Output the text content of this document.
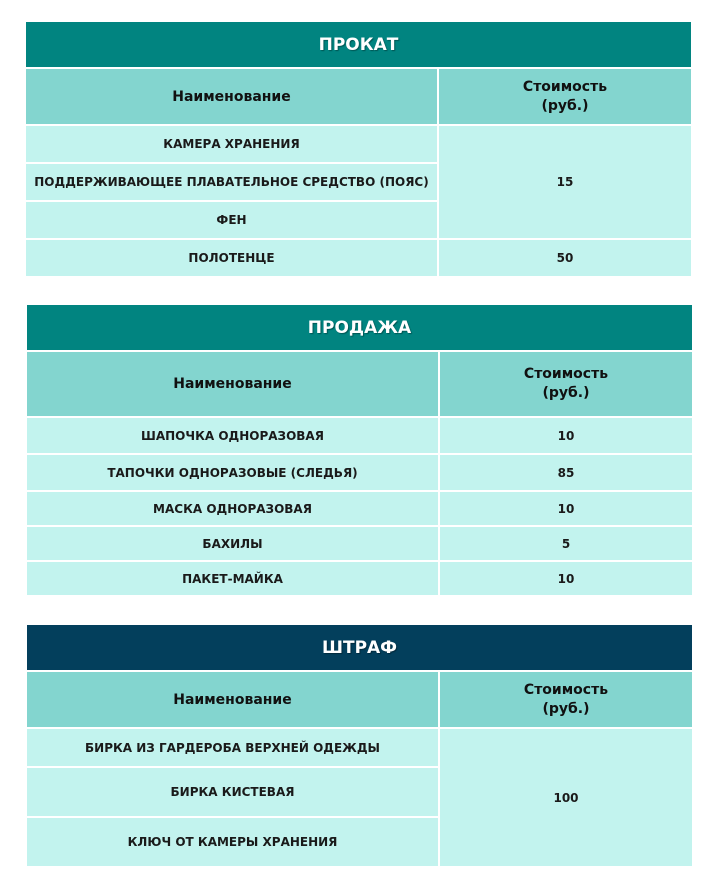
ПРОКАТ	
Наименование	Стоимость
(руб.)

КАМЕРА ХРАНЕНИЯ	15
ПОДДЕРЖИВАЮЩЕЕ ПЛАВАТЕЛЬНОЕ СРЕДСТВО (ПОЯС)	
ФЕН	
ПОЛОТЕНЦЕ	50
ПРОДАЖА	
Наименование	Стоимость
(руб.)

ШАПОЧКА ОДНОРАЗОВАЯ	10
ТАПОЧКИ ОДНОРАЗОВЫЕ (СЛЕДЬЯ)	85
МАСКА ОДНОРАЗОВАЯ	10
БАХИЛЫ	5
ПАКЕТ-МАЙКА	10
ШТРАФ	
Наименование	Стоимость
(руб.)

БИРКА ИЗ ГАРДЕРОБА ВЕРХНЕЙ ОДЕЖДЫ	100
БИРКА КИСТЕВАЯ	
КЛЮЧ ОТ КАМЕРЫ ХРАНЕНИЯ	
